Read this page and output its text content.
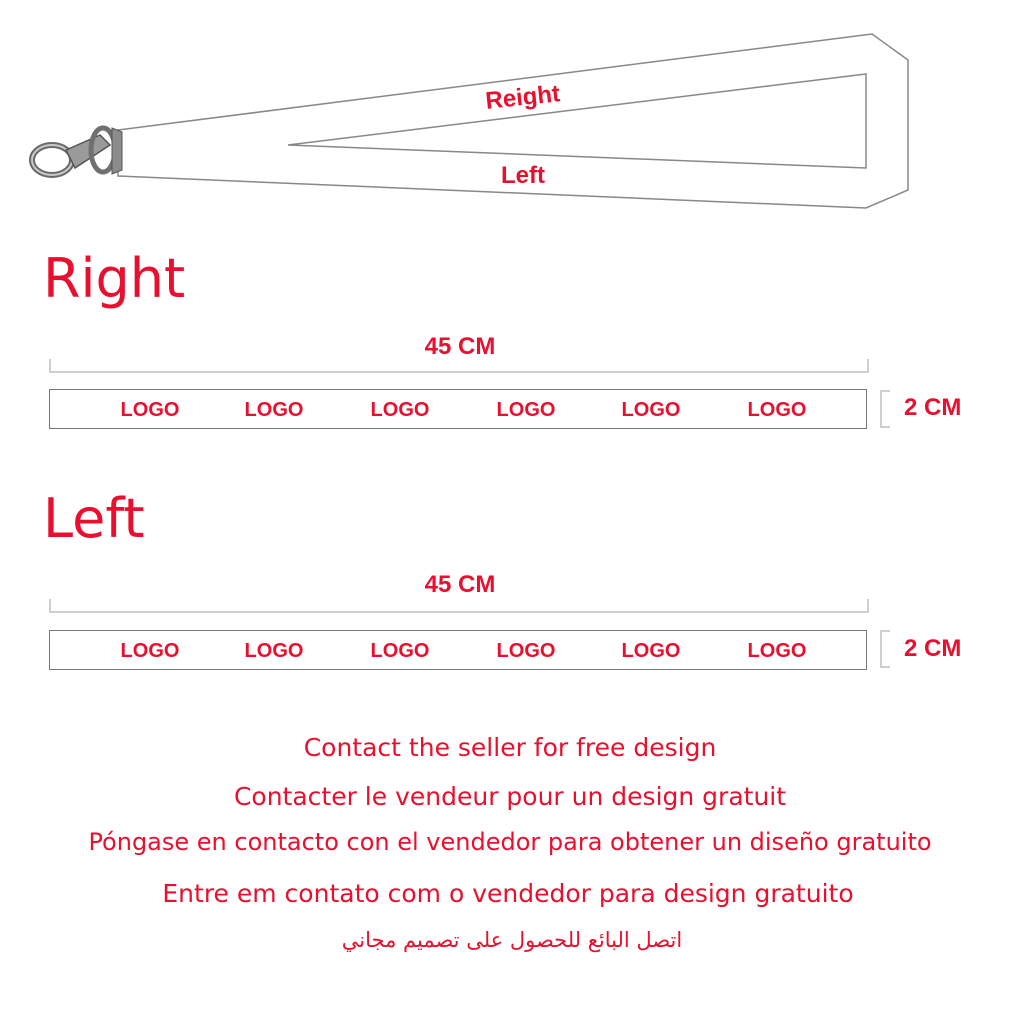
Reight
Left
Right
45 CM
LOGO	LOGO	LOGO	LOGO	LOGO	LOGO	2 CM
Left
45 CM
LOGO	LOGO	LOGO	LOGO	LOGO	LOGO	2 CM
Contact the seller for free design
Contacter le vendeur pour un design gratuit
Póngase en contacto con el vendedor para obtener un diseño gratuito
Entre em contato com o vendedor para design gratuito
اتصل البائع للحصول على تصميم مجاني
